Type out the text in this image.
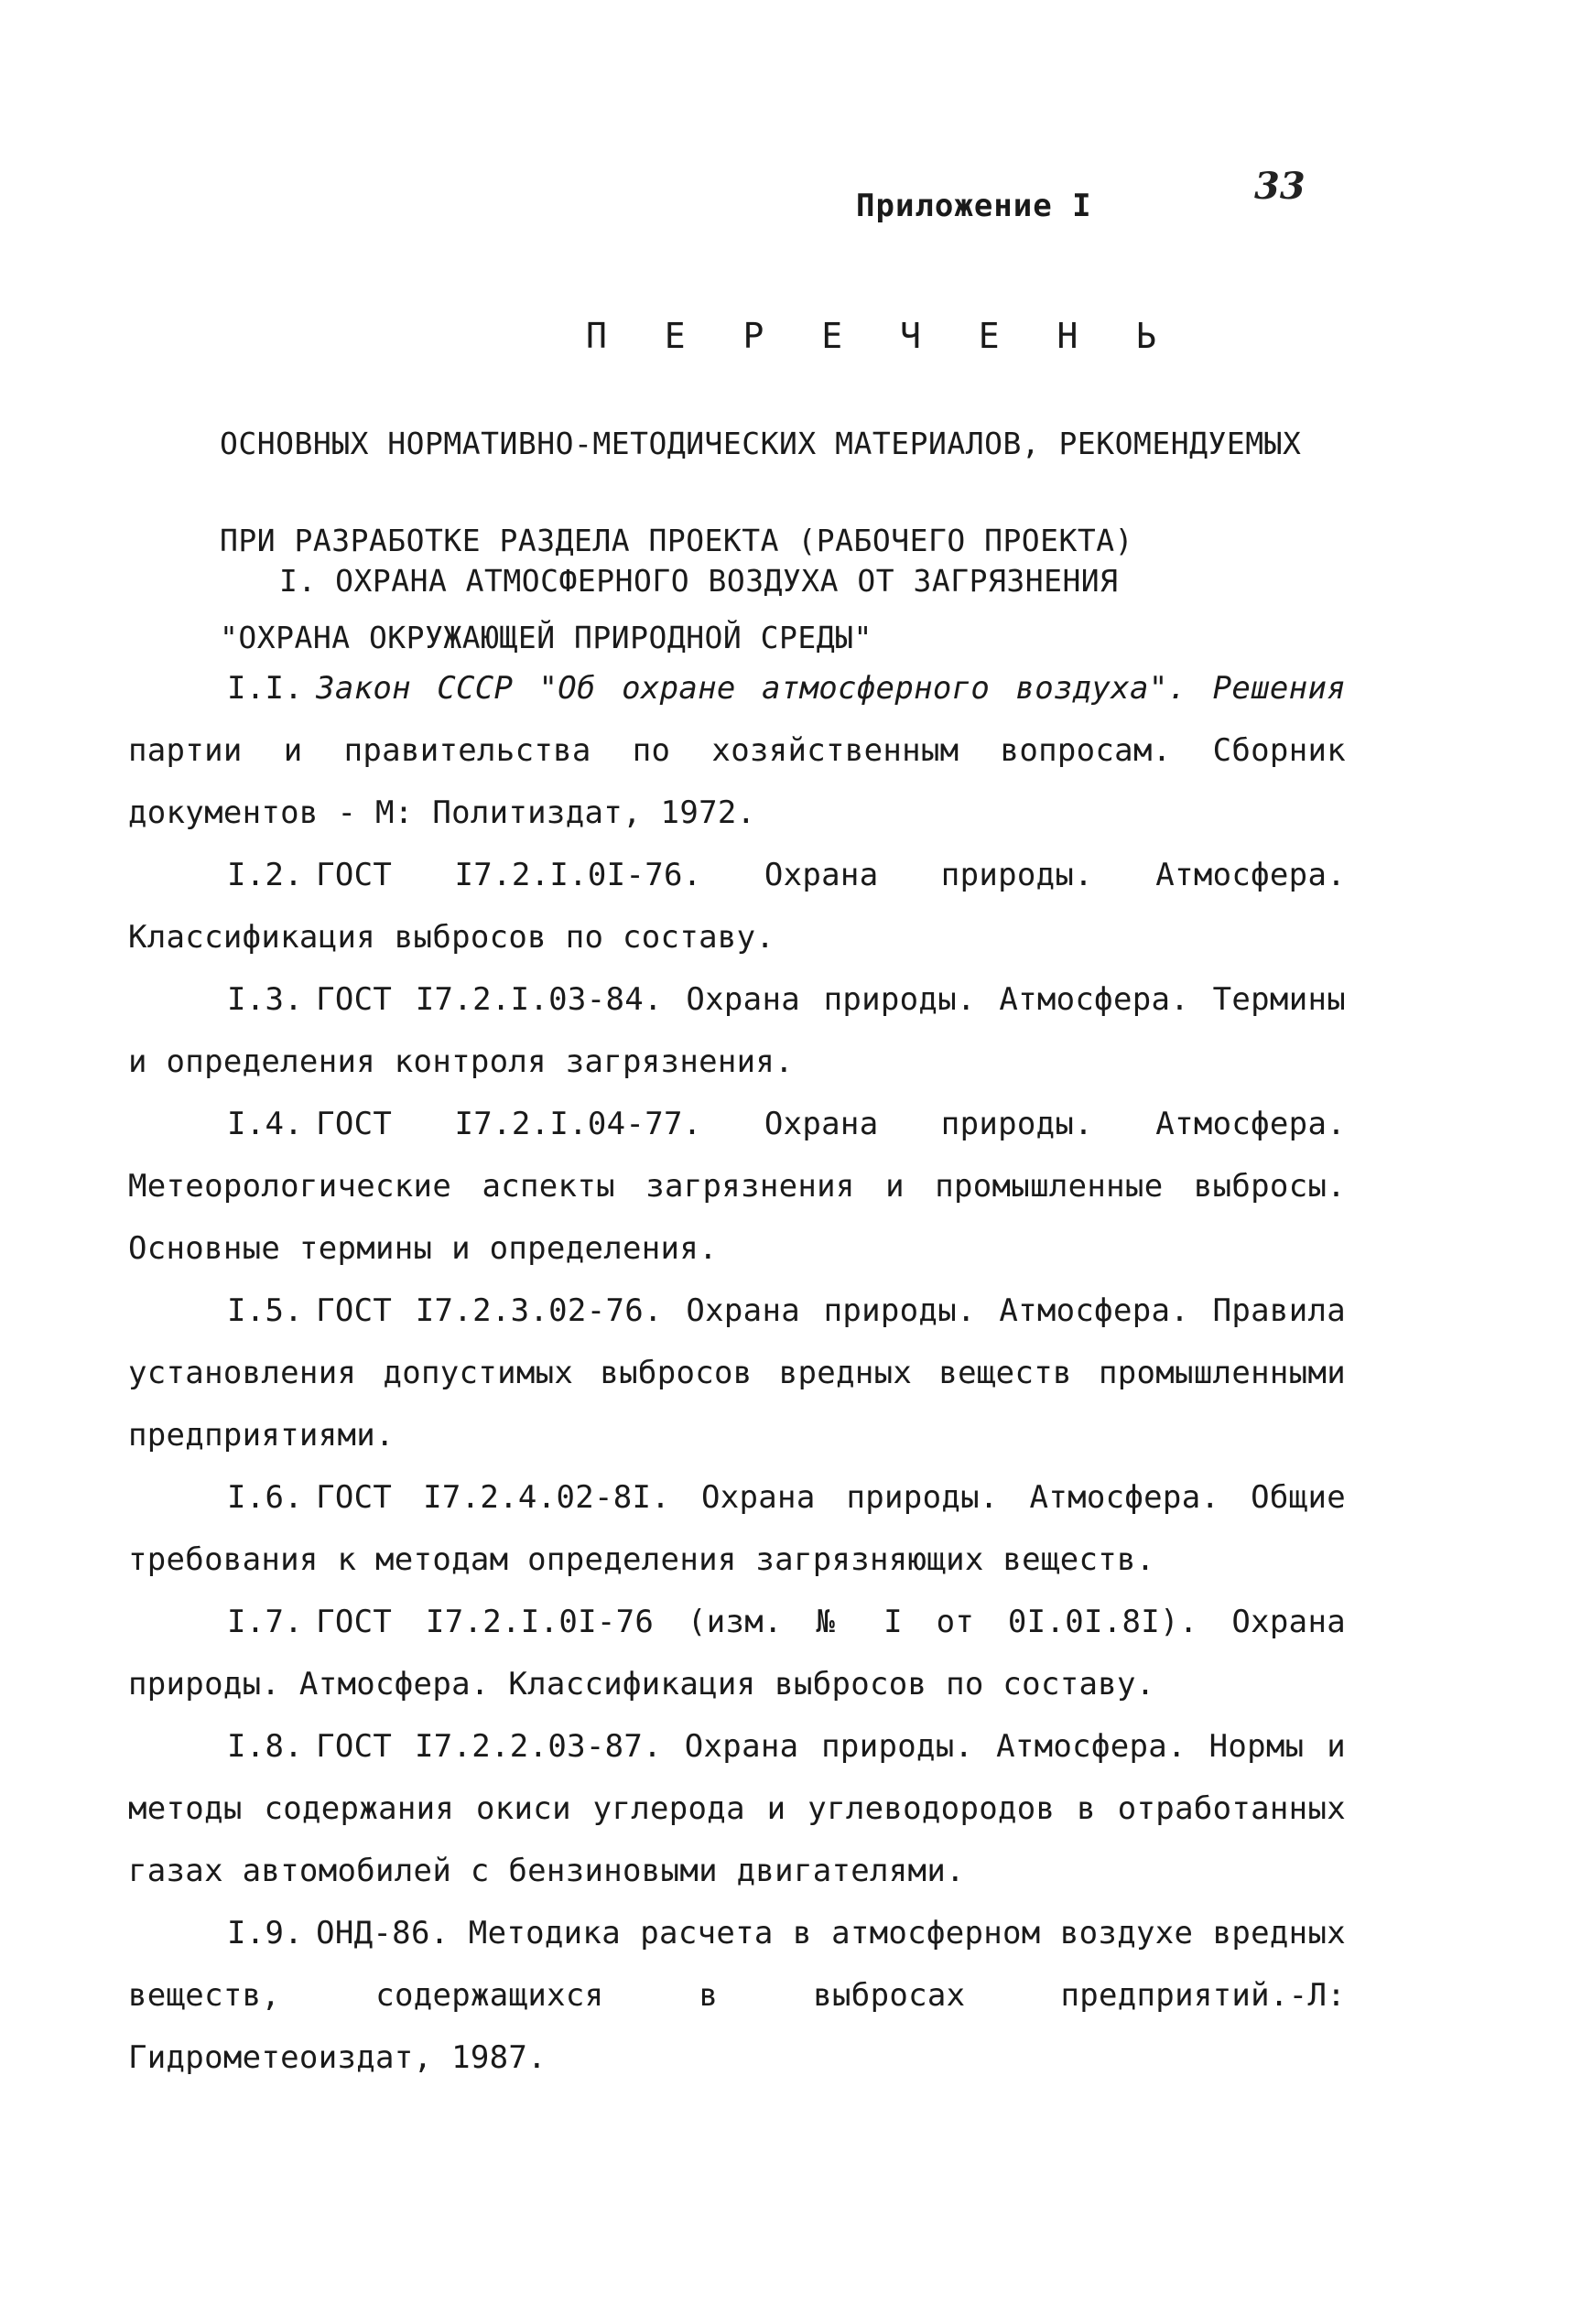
33
Приложение I
П Е Р Е Ч Е Н Ь

ОСНОВНЫХ НОРМАТИВНО-МЕТОДИЧЕСКИХ МАТЕРИАЛОВ, РЕКОМЕНДУЕМЫХ

ПРИ РАЗРАБОТКЕ РАЗДЕЛА ПРОЕКТА (РАБОЧЕГО ПРОЕКТА)

"ОХРАНА ОКРУЖАЮЩЕЙ ПРИРОДНОЙ СРЕДЫ"

I. ОХРАНА АТМОСФЕРНОГО ВОЗДУХА ОТ ЗАГРЯЗНЕНИЯ

I.I. Закон СССР "Об охране атмосферного воздуха". Решения партии и правительства по хозяйственным вопросам. Сборник документов - М: Политиздат, 1972.

I.2. ГОСТ I7.2.I.0I-76. Охрана природы. Атмосфера. Классификация выбросов по составу.

I.3. ГОСТ I7.2.I.03-84. Охрана природы. Атмосфера. Термины и определения контроля загрязнения.

I.4. ГОСТ I7.2.I.04-77. Охрана природы. Атмосфера. Метеорологические аспекты загрязнения и промышленные выбросы. Основные термины и определения.

I.5. ГОСТ I7.2.3.02-76. Охрана природы. Атмосфера. Правила установления допустимых выбросов вредных веществ промышленными предприятиями.

I.6. ГОСТ I7.2.4.02-8I. Охрана природы. Атмосфера. Общие требования к методам определения загрязняющих веществ.

I.7. ГОСТ I7.2.I.0I-76 (изм. № I от 0I.0I.8I). Охрана природы. Атмосфера. Классификация выбросов по составу.

I.8. ГОСТ I7.2.2.03-87. Охрана природы. Атмосфера. Нормы и методы содержания окиси углерода и углеводородов в отработанных газах автомобилей с бензиновыми двигателями.

I.9. ОНД-86. Методика расчета в атмосферном воздухе вредных веществ, содержащихся в выбросах предприятий.-Л: Гидрометеоиздат, 1987.
